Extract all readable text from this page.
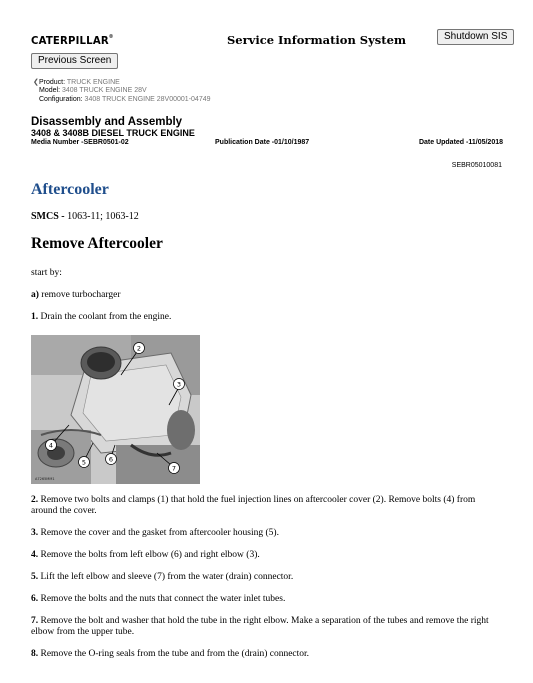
CATERPILLAR®	Service Information System	Shutdown SIS
Previous Screen
❮Product: TRUCK ENGINE
Model: 3408 TRUCK ENGINE 28V
Configuration: 3408 TRUCK ENGINE 28V00001-04749
Disassembly and Assembly
3408 & 3408B DIESEL TRUCK ENGINE
Media Number -SEBR0501-02	Publication Date -01/10/1987	Date Updated -11/05/2018
SEBR05010081
Aftercooler
SMCS - 1063-11; 1063-12
Remove Aftercooler

start by:

a) remove turbocharger

1. Drain the coolant from the engine.

2
3
4
5	6
7
A7265MM1

2. Remove two bolts and clamps (1) that hold the fuel injection lines on aftercooler cover (2). Remove bolts (4) from around the cover.

3. Remove the cover and the gasket from aftercooler housing (5).

4. Remove the bolts from left elbow (6) and right elbow (3).

5. Lift the left elbow and sleeve (7) from the water (drain) connector.

6. Remove the bolts and the nuts that connect the water inlet tubes.

7. Remove the bolt and washer that hold the tube in the right elbow. Make a separation of the tubes and remove the right elbow from the upper tube.

8. Remove the O-ring seals from the tube and from the (drain) connector.
